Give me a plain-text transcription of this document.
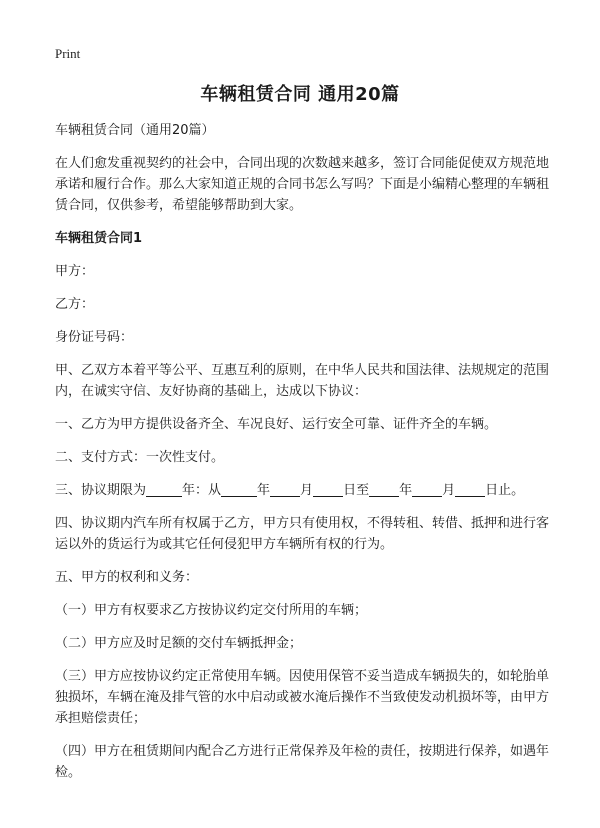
Print
车辆租赁合同 通用20篇

车辆租赁合同（通用20篇）

在人们愈发重视契约的社会中，合同出现的次数越来越多，签订合同能促使双方规范地承诺和履行合作。那么大家知道正规的合同书怎么写吗？下面是小编精心整理的车辆租赁合同，仅供参考，希望能够帮助到大家。

车辆租赁合同1

甲方：

乙方：

身份证号码：

甲、乙双方本着平等公平、互惠互利的原则，在中华人民共和国法律、法规规定的范围内，在诚实守信、友好协商的基础上，达成以下协议：

一、乙方为甲方提供设备齐全、车况良好、运行安全可靠、证件齐全的车辆。

二、支付方式：一次性支付。

三、协议期限为	年：从	年 月 日至 年 月 日止。

四、协议期内汽车所有权属于乙方，甲方只有使用权，不得转租、转借、抵押和进行客运以外的货运行为或其它任何侵犯甲方车辆所有权的行为。

五、甲方的权利和义务：

（一）甲方有权要求乙方按协议约定交付所用的车辆；

（二）甲方应及时足额的交付车辆抵押金；

（三）甲方应按协议约定正常使用车辆。因使用保管不妥当造成车辆损失的，如轮胎单独损坏，车辆在淹及排气管的水中启动或被水淹后操作不当致使发动机损坏等，由甲方承担赔偿责任；

（四）甲方在租赁期间内配合乙方进行正常保养及年检的责任，按期进行保养，如遇年检。
